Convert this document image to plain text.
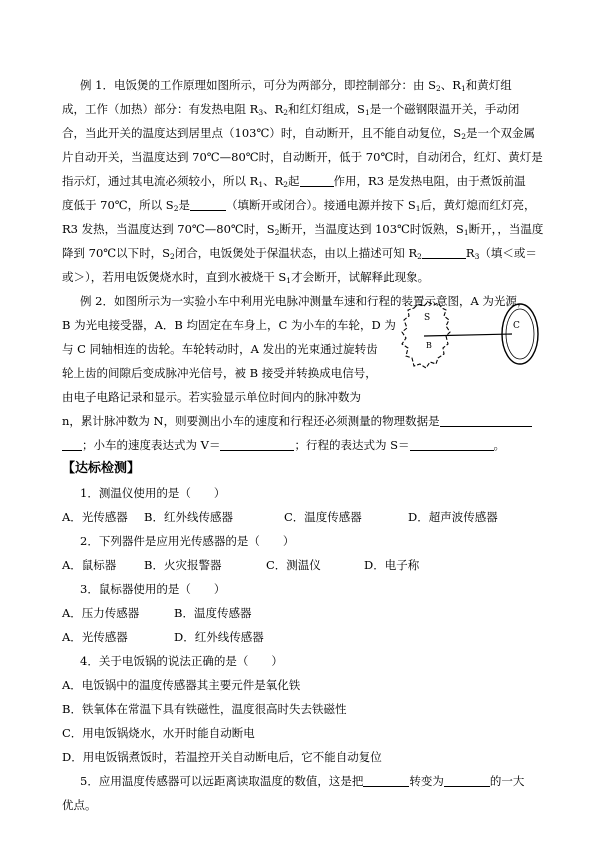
例 1．电饭煲的工作原理如图所示，可分为两部分，即控制部分：由 $S_2$、$R_1$和黄灯组
成，工作（加热）部分：有发热电阻 $R_3$、$R_2$和红灯组成，$S_1$是一个磁钢限温开关，手动闭
合，当此开关的温度达到居里点（103℃）时，自动断开，且不能自动复位，$S_2$是一个双金属
片自动开关，当温度达到 70℃—80℃时，自动断开，低于 70℃时，自动闭合，红灯、黄灯是
指示灯，通过其电流必须较小，所以 $R_1$、$R_2$起	作用，R3 是发热电阻，由于煮饭前温
度低于 70℃，所以 $S_2$是	（填断开或闭合）。接通电源并按下 $S_1$后，黄灯熄而红灯亮，
R3 发热，当温度达到 70℃—80℃时，$S_2$断开，当温度达到 103℃时饭熟，$S_1$断开，，当温度
降到 70℃以下时，$S_2$闭合，电饭煲处于保温状态，由以上描述可知 $R_2$	$R_3$（填＜或＝
或＞），若用电饭煲烧水时，直到水被烧干 $S_1$才会断开，试解释此现象。
例 2．如图所示为一实验小车中利用光电脉冲测量车速和行程的装置示意图，A 为光源，
B 为光电接受器，A．B 均固定在车身上，C 为小车的车轮，D 为
与 C 同轴相连的齿轮。车轮转动时，A 发出的光束通过旋转齿
轮上齿的间隙后变成脉冲光信号，被 B 接受并转换成电信号，
由电子电路记录和显示。若实验显示单位时间内的脉冲数为
n，累计脉冲数为 N，则要测出小车的速度和行程还必须测量的物理数据是
；小车的速度表达式为 V＝	；行程的表达式为 S＝	。
S
B
C
【达标检测】
1．测温仪使用的是（　　）
A．光传感器 B．红外线传感器	C．温度传感器	D．超声波传感器
2．下列器件是应用光传感器的是（　　）
A．鼠标器 B．火灾报警器	C．测温仪	D．电子称
3．鼠标器使用的是（　　）
A．压力传感器	B．温度传感器
A．光传感器	D．红外线传感器
4．关于电饭锅的说法正确的是（　　）
A．电饭锅中的温度传感器其主要元件是氧化铁
B．铁氧体在常温下具有铁磁性，温度很高时失去铁磁性
C．用电饭锅烧水，水开时能自动断电
D．用电饭锅煮饭时，若温控开关自动断电后，它不能自动复位
5．应用温度传感器可以远距离读取温度的数值，这是把	转变为	的一大
优点。
